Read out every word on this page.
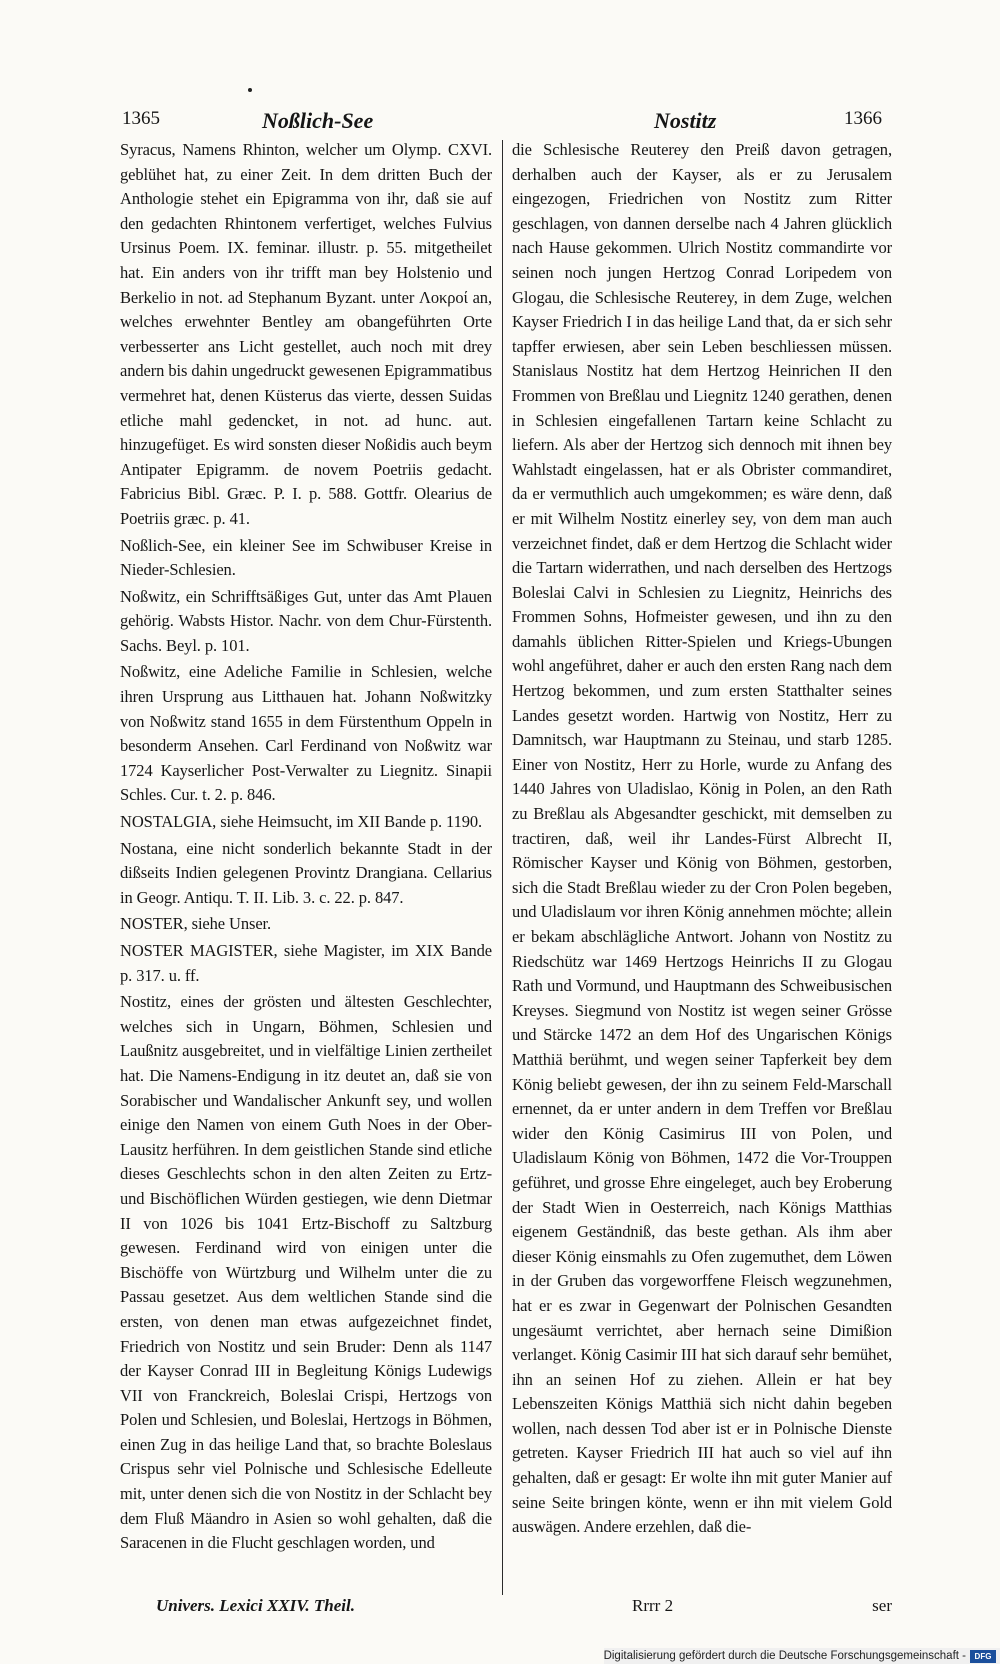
1365	Noßlich-See	Nostitz	1366

Syracus, Namens Rhinton, welcher um Olymp. CXVI. geblühet hat, zu einer Zeit. In dem dritten Buch der Anthologie stehet ein Epigramma von ihr, daß sie auf den gedachten Rhintonem verfertiget, welches Fulvius Ursinus Poem. IX. feminar. illustr. p. 55. mitgetheilet hat. Ein anders von ihr trifft man bey Holstenio und Berkelio in not. ad Stephanum Byzant. unter Λοκροί an, welches erwehnter Bentley am obangeführten Orte verbesserter ans Licht gestellet, auch noch mit drey andern bis dahin ungedruckt gewesenen Epigrammatibus vermehret hat, denen Küsterus das vierte, dessen Suidas etliche mahl gedencket, in not. ad hunc. aut. hinzugefüget. Es wird sonsten dieser Noßidis auch beym Antipater Epigramm. de novem Poetriis gedacht. Fabricius Bibl. Græc. P. I. p. 588. Gottfr. Olearius de Poetriis græc. p. 41.

Noßlich-See, ein kleiner See im Schwibuser Kreise in Nieder-Schlesien.

Noßwitz, ein Schrifftsäßiges Gut, unter das Amt Plauen gehörig. Wabsts Histor. Nachr. von dem Chur-Fürstenth. Sachs. Beyl. p. 101.

Noßwitz, eine Adeliche Familie in Schlesien, welche ihren Ursprung aus Litthauen hat. Johann Noßwitzky von Noßwitz stand 1655 in dem Fürstenthum Oppeln in besonderm Ansehen. Carl Ferdinand von Noßwitz war 1724 Kayserlicher Post-Verwalter zu Liegnitz. Sinapii Schles. Cur. t. 2. p. 846.

NOSTALGIA, siehe Heimsucht, im XII Bande p. 1190.

Nostana, eine nicht sonderlich bekannte Stadt in der dißseits Indien gelegenen Provintz Drangiana. Cellarius in Geogr. Antiqu. T. II. Lib. 3. c. 22. p. 847.

NOSTER, siehe Unser.

NOSTER MAGISTER, siehe Magister, im XIX Bande p. 317. u. ff.

Nostitz, eines der grösten und ältesten Geschlechter, welches sich in Ungarn, Böhmen, Schlesien und Laußnitz ausgebreitet, und in vielfältige Linien zertheilet hat. Die Namens-Endigung in itz deutet an, daß sie von Sorabischer und Wandalischer Ankunft sey, und wollen einige den Namen von einem Guth Noes in der Ober-Lausitz herführen. In dem geistlichen Stande sind etliche dieses Geschlechts schon in den alten Zeiten zu Ertz- und Bischöflichen Würden gestiegen, wie denn Dietmar II von 1026 bis 1041 Ertz-Bischoff zu Saltzburg gewesen. Ferdinand wird von einigen unter die Bischöffe von Würtzburg und Wilhelm unter die zu Passau gesetzet. Aus dem weltlichen Stande sind die ersten, von denen man etwas aufgezeichnet findet, Friedrich von Nostitz und sein Bruder: Denn als 1147 der Kayser Conrad III in Begleitung Königs Ludewigs VII von Franckreich, Boleslai Crispi, Hertzogs von Polen und Schlesien, und Boleslai, Hertzogs in Böhmen, einen Zug in das heilige Land that, so brachte Boleslaus Crispus sehr viel Polnische und Schlesische Edelleute mit, unter denen sich die von Nostitz in der Schlacht bey dem Fluß Mäandro in Asien so wohl gehalten, daß die Saracenen in die Flucht geschlagen worden, und

die Schlesische Reuterey den Preiß davon getragen, derhalben auch der Kayser, als er zu Jerusalem eingezogen, Friedrichen von Nostitz zum Ritter geschlagen, von dannen derselbe nach 4 Jahren glücklich nach Hause gekommen. Ulrich Nostitz commandirte vor seinen noch jungen Hertzog Conrad Loripedem von Glogau, die Schlesische Reuterey, in dem Zuge, welchen Kayser Friedrich I in das heilige Land that, da er sich sehr tapffer erwiesen, aber sein Leben beschliessen müssen. Stanislaus Nostitz hat dem Hertzog Heinrichen II den Frommen von Breßlau und Liegnitz 1240 gerathen, denen in Schlesien eingefallenen Tartarn keine Schlacht zu liefern. Als aber der Hertzog sich dennoch mit ihnen bey Wahlstadt eingelassen, hat er als Obrister commandiret, da er vermuthlich auch umgekommen; es wäre denn, daß er mit Wilhelm Nostitz einerley sey, von dem man auch verzeichnet findet, daß er dem Hertzog die Schlacht wider die Tartarn widerrathen, und nach derselben des Hertzogs Boleslai Calvi in Schlesien zu Liegnitz, Heinrichs des Frommen Sohns, Hofmeister gewesen, und ihn zu den damahls üblichen Ritter-Spielen und Kriegs-Ubungen wohl angeführet, daher er auch den ersten Rang nach dem Hertzog bekommen, und zum ersten Statthalter seines Landes gesetzt worden. Hartwig von Nostitz, Herr zu Damnitsch, war Hauptmann zu Steinau, und starb 1285. Einer von Nostitz, Herr zu Horle, wurde zu Anfang des 1440 Jahres von Uladislao, König in Polen, an den Rath zu Breßlau als Abgesandter geschickt, mit demselben zu tractiren, daß, weil ihr Landes-Fürst Albrecht II, Römischer Kayser und König von Böhmen, gestorben, sich die Stadt Breßlau wieder zu der Cron Polen begeben, und Uladislaum vor ihren König annehmen möchte; allein er bekam abschlägliche Antwort. Johann von Nostitz zu Riedschütz war 1469 Hertzogs Heinrichs II zu Glogau Rath und Vormund, und Hauptmann des Schweibusischen Kreyses. Siegmund von Nostitz ist wegen seiner Grösse und Stärcke 1472 an dem Hof des Ungarischen Königs Matthiä berühmt, und wegen seiner Tapferkeit bey dem König beliebt gewesen, der ihn zu seinem Feld-Marschall ernennet, da er unter andern in dem Treffen vor Breßlau wider den König Casimirus III von Polen, und Uladislaum König von Böhmen, 1472 die Vor-Trouppen geführet, und grosse Ehre eingeleget, auch bey Eroberung der Stadt Wien in Oesterreich, nach Königs Matthias eigenem Geständniß, das beste gethan. Als ihm aber dieser König einsmahls zu Ofen zugemuthet, dem Löwen in der Gruben das vorgeworffene Fleisch wegzunehmen, hat er es zwar in Gegenwart der Polnischen Gesandten ungesäumt verrichtet, aber hernach seine Dimißion verlanget. König Casimir III hat sich darauf sehr bemühet, ihn an seinen Hof zu ziehen. Allein er hat bey Lebenszeiten Königs Matthiä sich nicht dahin begeben wollen, nach dessen Tod aber ist er in Polnische Dienste getreten. Kayser Friedrich III hat auch so viel auf ihn gehalten, daß er gesagt: Er wolte ihn mit guter Manier auf seine Seite bringen könte, wenn er ihn mit vielem Gold auswägen. Andere erzehlen, daß die-

Univers. Lexici XXIV. Theil.	Rrrr 2	ser
Digitalisierung gefördert durch die Deutsche Forschungsgemeinschaft -	DFG
